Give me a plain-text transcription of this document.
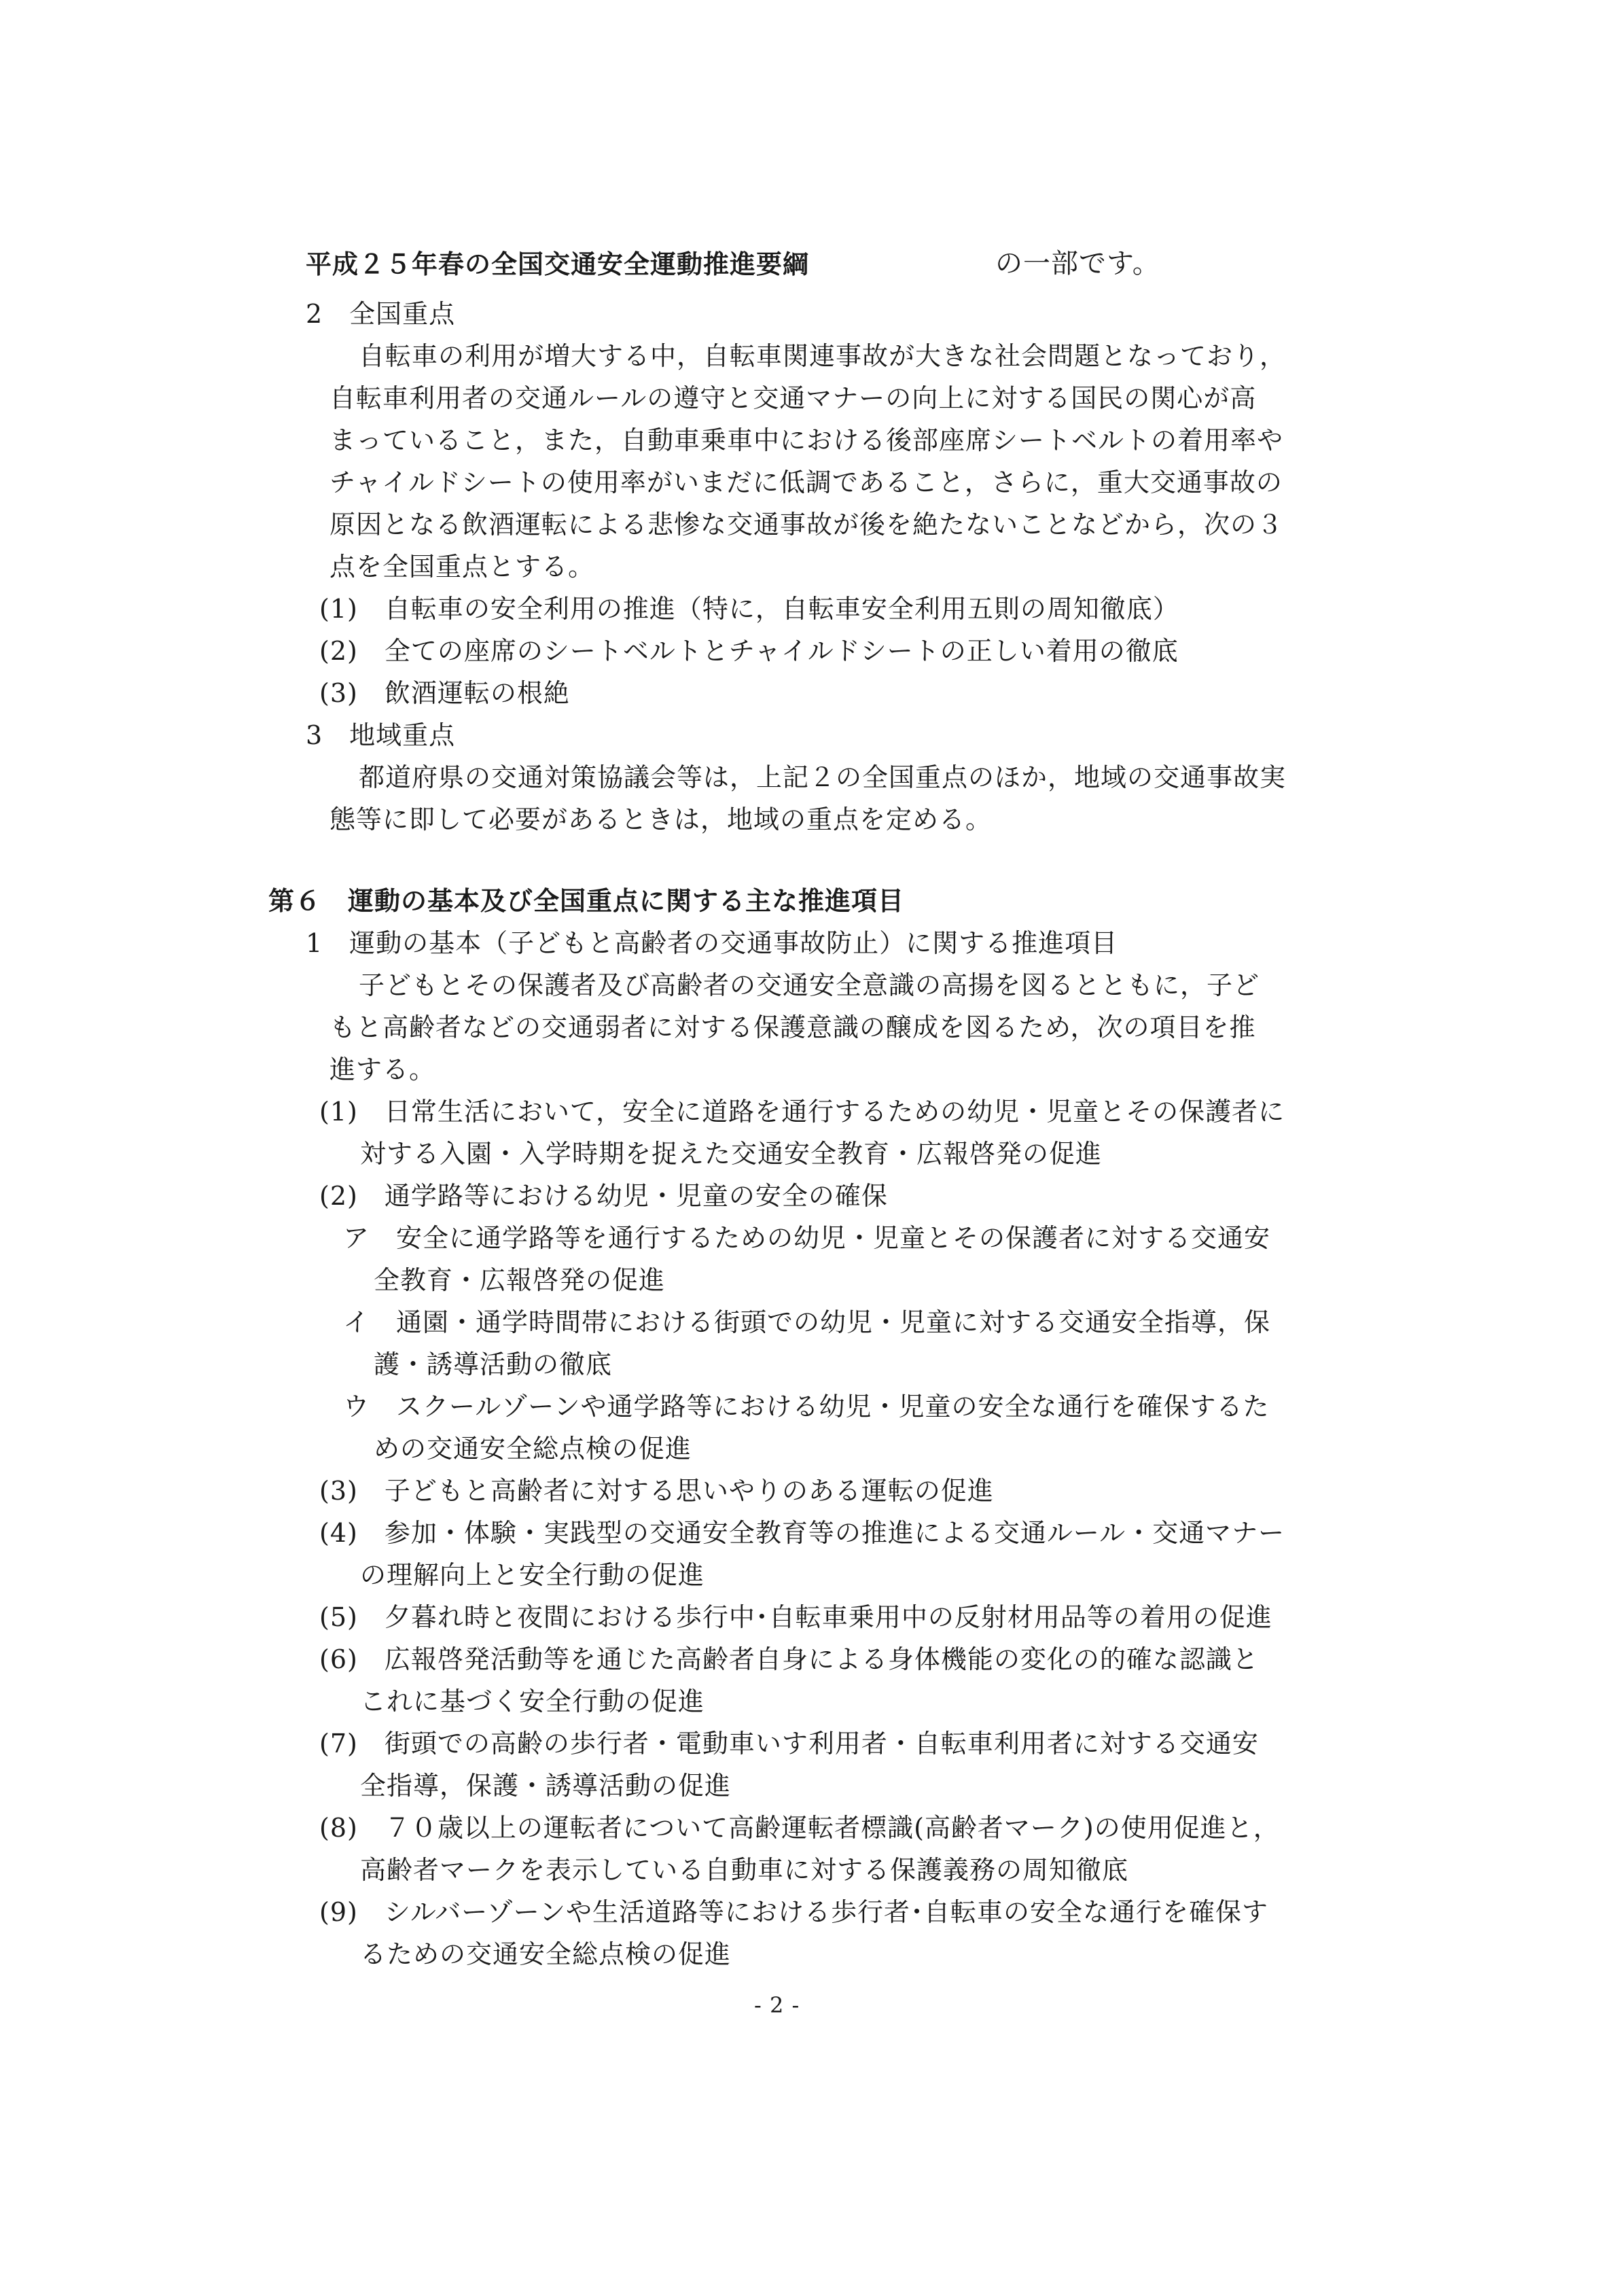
平成２５年春の全国交通安全運動推進要綱	の一部です。
2　全国重点
自転車の利用が増大する中，自転車関連事故が大きな社会問題となっており，
自転車利用者の交通ルールの遵守と交通マナーの向上に対する国民の関心が高
まっていること，また，自動車乗車中における後部座席シートベルトの着用率や
チャイルドシートの使用率がいまだに低調であること，さらに，重大交通事故の
原因となる飲酒運転による悲惨な交通事故が後を絶たないことなどから，次の３
点を全国重点とする。
(1)　自転車の安全利用の推進（特に，自転車安全利用五則の周知徹底）
(2)　全ての座席のシートベルトとチャイルドシートの正しい着用の徹底
(3)　飲酒運転の根絶
3　地域重点
都道府県の交通対策協議会等は，上記２の全国重点のほか，地域の交通事故実
態等に即して必要があるときは，地域の重点を定める。
第６　運動の基本及び全国重点に関する主な推進項目
1　運動の基本（子どもと高齢者の交通事故防止）に関する推進項目
子どもとその保護者及び高齢者の交通安全意識の高揚を図るとともに，子ど
もと高齢者などの交通弱者に対する保護意識の醸成を図るため，次の項目を推
進する。
(1)　日常生活において，安全に道路を通行するための幼児・児童とその保護者に
対する入園・入学時期を捉えた交通安全教育・広報啓発の促進
(2)　通学路等における幼児・児童の安全の確保
ア　安全に通学路等を通行するための幼児・児童とその保護者に対する交通安
全教育・広報啓発の促進
イ　通園・通学時間帯における街頭での幼児・児童に対する交通安全指導，保
護・誘導活動の徹底
ウ　スクールゾーンや通学路等における幼児・児童の安全な通行を確保するた
めの交通安全総点検の促進
(3)　子どもと高齢者に対する思いやりのある運転の促進
(4)　参加・体験・実践型の交通安全教育等の推進による交通ルール・交通マナー
の理解向上と安全行動の促進
(5)　夕暮れ時と夜間における歩行中･自転車乗用中の反射材用品等の着用の促進
(6)　広報啓発活動等を通じた高齢者自身による身体機能の変化の的確な認識と
これに基づく安全行動の促進
(7)　街頭での高齢の歩行者・電動車いす利用者・自転車利用者に対する交通安
全指導，保護・誘導活動の促進
(8)　７０歳以上の運転者について高齢運転者標識(高齢者マーク)の使用促進と，
高齢者マークを表示している自動車に対する保護義務の周知徹底
(9)　シルバーゾーンや生活道路等における歩行者･自転車の安全な通行を確保す
るための交通安全総点検の促進
- 2 -
